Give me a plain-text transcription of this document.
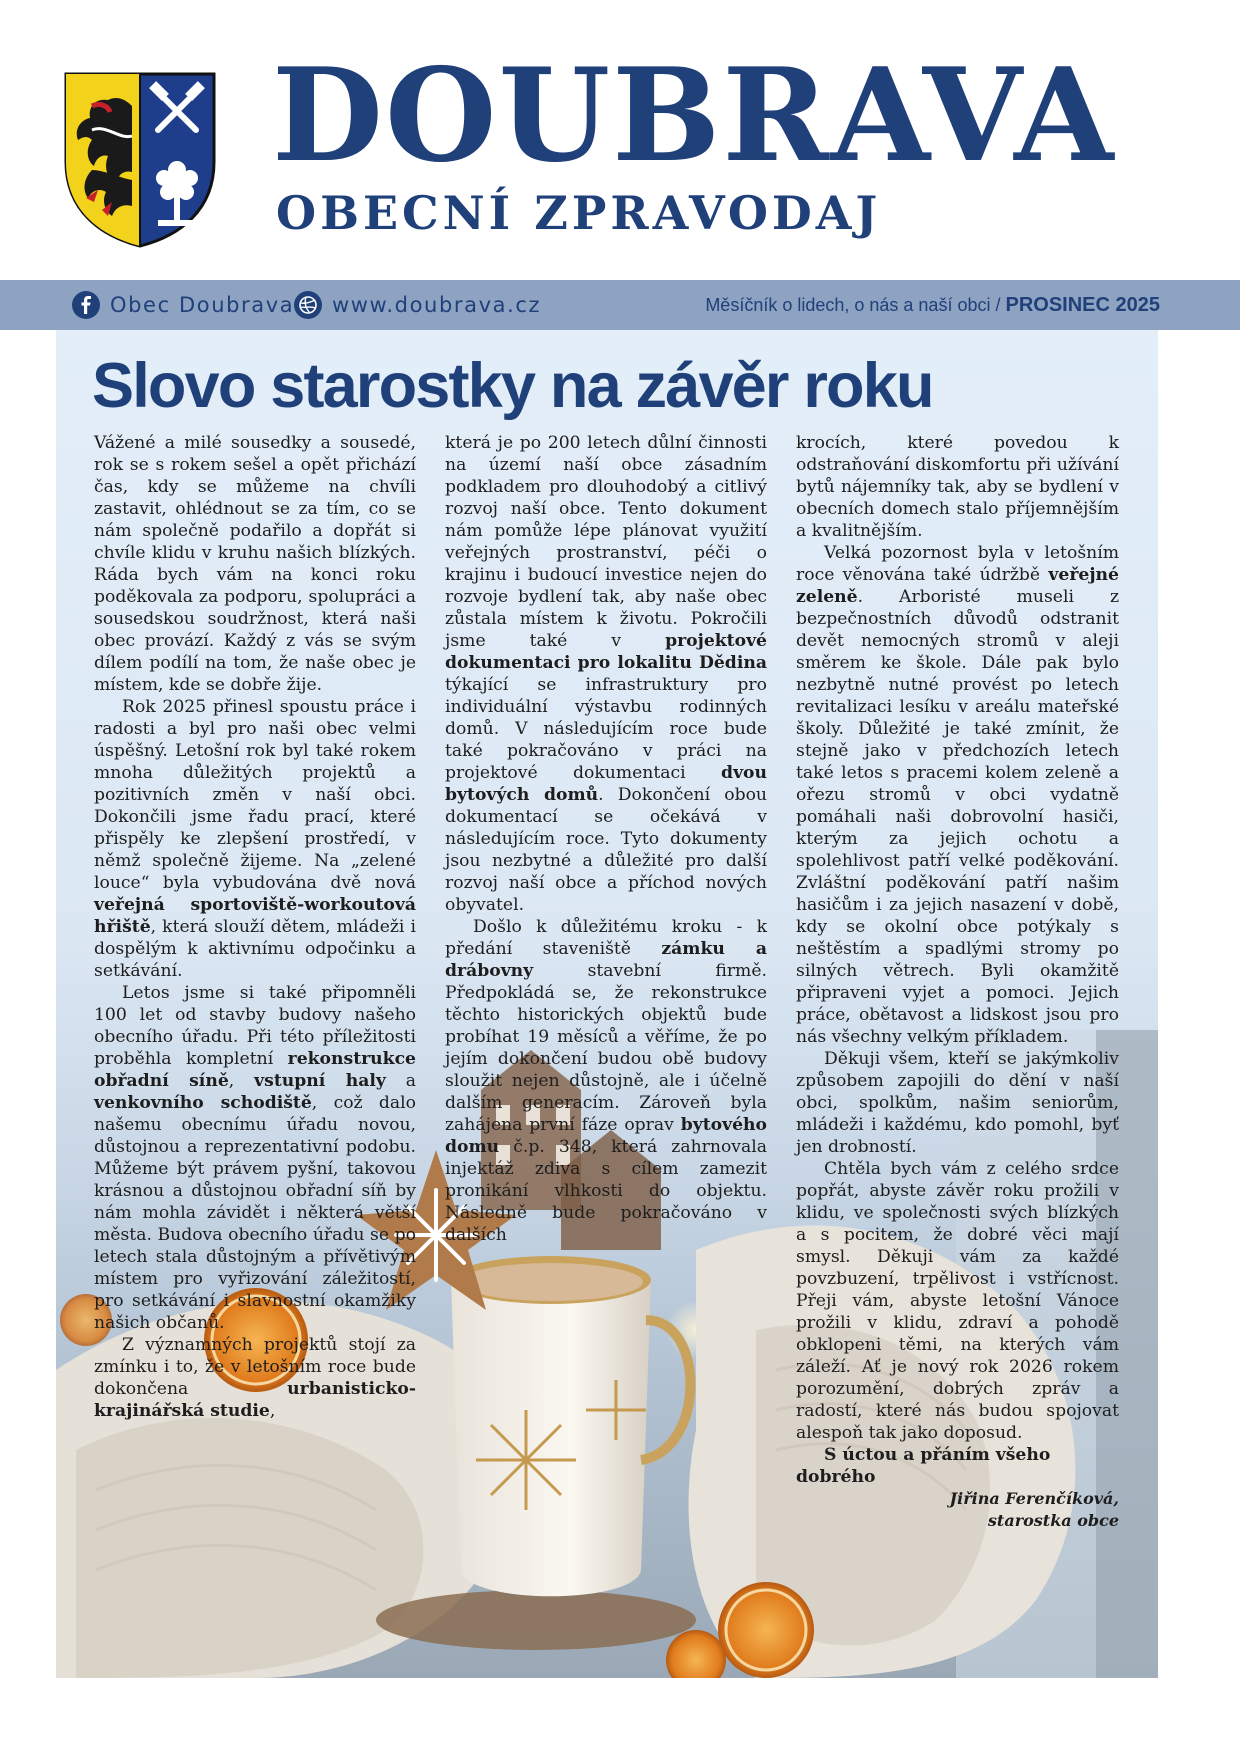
DOUBRAVA
OBECNÍ ZPRAVODAJ
Obec Doubrava www.doubrava.cz	Měsíčník o lidech, o nás a naší obci /
PROSINEC 2025
Slovo starostky na závěr roku

Vážené a milé sousedky a sousedé, rok se s rokem sešel a opět přichází čas, kdy se můžeme na chvíli zastavit, ohlédnout se za tím, co se nám společně podařilo a dopřát si chvíle klidu v kruhu našich blízkých. Ráda bych vám na konci roku poděkovala za podporu, spolupráci a sousedskou soudržnost, která naši obec provází. Každý z vás se svým dílem podílí na tom, že naše obec je místem, kde se dobře žije.

Rok 2025 přinesl spoustu práce i radosti a byl pro naši obec velmi úspěšný. Letošní rok byl také rokem mnoha důležitých projektů a pozitivních změn v naší obci. Dokončili jsme řadu prací, které přispěly ke zlepšení prostředí, v němž společně žijeme. Na „zelené louce“ byla vybudována dvě nová veřejná sportoviště-workoutová hřiště, která slouží dětem, mládeži i dospělým k aktivnímu odpočinku a setkávání.

Letos jsme si také připomněli 100 let od stavby budovy našeho obecního úřadu. Při této příležitosti proběhla kompletní rekonstrukce obřadní síně, vstupní haly a venkovního schodiště, což dalo našemu obecnímu úřadu novou, důstojnou a reprezentativní podobu. Můžeme být právem pyšní, takovou krásnou a důstojnou obřadní síň by nám mohla závidět i některá větší města. Budova obecního úřadu se po letech stala důstojným a přívětivým místem pro vyřizování záležitostí, pro setkávání i slavnostní okamžiky našich občanů.

Z významných projektů stojí za zmínku i to, že v letošním roce bude dokončena	urbanisticko-krajinářská studie,

která je po 200 letech důlní činnosti na území naší obce zásadním podkladem pro dlouhodobý a citlivý rozvoj naší obce. Tento dokument nám pomůže lépe plánovat využití veřejných prostranství, péči o krajinu i budoucí investice nejen do rozvoje bydlení tak, aby naše obec zůstala místem k životu. Pokročili jsme také v	projektové dokumentaci pro lokalitu Dědina týkající se infrastruktury pro individuální výstavbu rodinných domů. V následujícím roce bude také pokračováno v práci na projektové dokumentaci dvou bytových domů. Dokončení obou dokumentací se očekává v následujícím roce. Tyto dokumenty jsou nezbytné a důležité pro další rozvoj naší obce a příchod nových obyvatel.

Došlo k důležitému kroku - k předání staveniště zámku a drábovny	stavební firmě. Předpokládá se, že rekonstrukce těchto historických objektů bude probíhat 19 měsíců a věříme, že po jejím dokončení budou obě budovy sloužit nejen důstojně, ale i účelně dalším generacím. Zároveň byla zahájena první fáze oprav bytového domu č.p. 348, která zahrnovala injektáž zdiva s cílem zamezit pronikání vlhkosti do objektu. Následně bude pokračováno v dalších

krocích, které povedou k odstraňování diskomfortu při užívání bytů nájemníky tak, aby se bydlení v obecních domech stalo příjemnějším a kvalitnějším.

Velká pozornost byla v letošním roce věnována také údržbě veřejné zeleně. Arboristé museli z bezpečnostních důvodů odstranit devět nemocných stromů v aleji směrem ke škole. Dále pak bylo nezbytně nutné provést po letech revitalizaci lesíku v areálu mateřské školy. Důležité je také zmínit, že stejně jako v předchozích letech také letos s pracemi kolem zeleně a ořezu stromů v obci vydatně pomáhali naši dobrovolní hasiči, kterým za jejich ochotu a spolehlivost patří velké poděkování. Zvláštní poděkování patří našim hasičům i za jejich nasazení v době, kdy se okolní obce potýkaly s neštěstím a spadlými stromy po silných větrech. Byli okamžitě připraveni vyjet a pomoci. Jejich práce, obětavost a lidskost jsou pro nás všechny velkým příkladem.

Děkuji všem, kteří se jakýmkoliv způsobem zapojili do dění v naší obci, spolkům, našim seniorům, mládeži i každému, kdo pomohl, byť jen drobností.

Chtěla bych vám z celého srdce popřát, abyste závěr roku prožili v klidu, ve společnosti svých blízkých a s pocitem, že dobré věci mají smysl. Děkuji vám za každé povzbuzení, trpělivost i vstřícnost. Přeji vám, abyste letošní Vánoce prožili v klidu, zdraví a pohodě obklopeni těmi, na kterých vám záleží. Ať je nový rok 2026 rokem porozumění, dobrých zpráv a radostí, které nás budou spojovat alespoň tak jako doposud.

S úctou a přáním všeho dobrého

Jiřina Ferenčíková,

starostka obce
